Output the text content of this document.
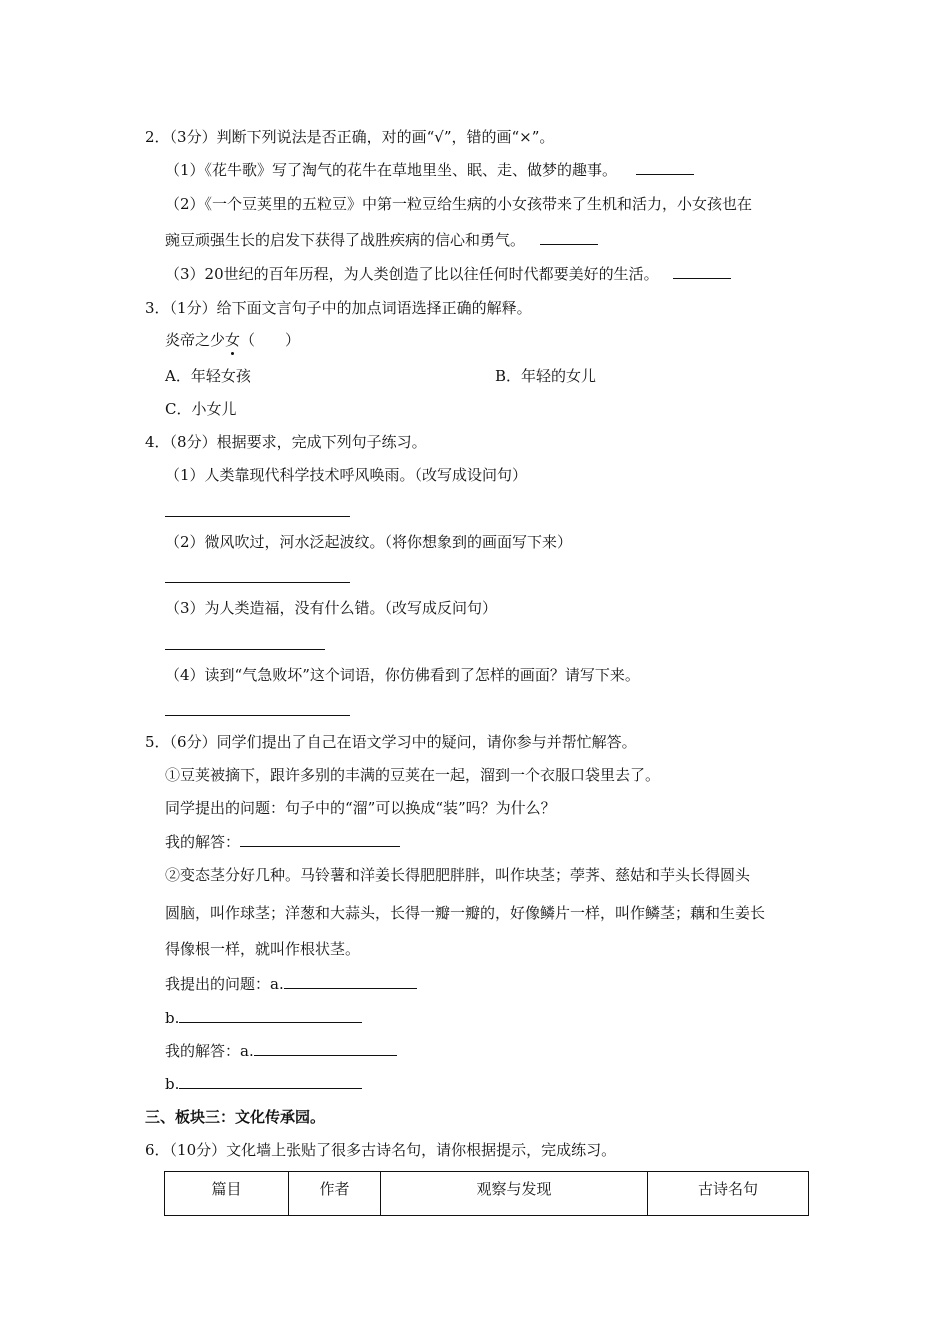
2．（3分）判断下列说法是否正确，对的画“√”，错的画“×”。
（1）《花牛歌》写了淘气的花牛在草地里坐、眠、走、做梦的趣事。
（2）《一个豆荚里的五粒豆》中第一粒豆给生病的小女孩带来了生机和活力，小女孩也在
豌豆顽强生长的启发下获得了战胜疾病的信心和勇气。
（3）20世纪的百年历程，为人类创造了比以往任何时代都要美好的生活。
3．（1分）给下面文言句子中的加点词语选择正确的解释。
炎帝之少女（　　）
A．年轻女孩	B．年轻的女儿
C．小女儿
4．（8分）根据要求，完成下列句子练习。
（1）人类靠现代科学技术呼风唤雨。（改写成设问句）
（2）微风吹过，河水泛起波纹。（将你想象到的画面写下来）
（3）为人类造福，没有什么错。（改写成反问句）
（4）读到“气急败坏”这个词语，你仿佛看到了怎样的画面？请写下来。
5．（6分）同学们提出了自己在语文学习中的疑问，请你参与并帮忙解答。
①豆荚被摘下，跟许多别的丰满的豆荚在一起，溜到一个衣服口袋里去了。
同学提出的问题：句子中的“溜”可以换成“装”吗？为什么？
我的解答：
②变态茎分好几种。马铃薯和洋姜长得肥肥胖胖，叫作块茎；荸荠、慈姑和芋头长得圆头
圆脑，叫作球茎；洋葱和大蒜头，长得一瓣一瓣的，好像鳞片一样，叫作鳞茎；藕和生姜长
得像根一样，就叫作根状茎。
我提出的问题：a.
b.
我的解答：a.
b.
三、板块三：文化传承园。
6．（10分）文化墙上张贴了很多古诗名句，请你根据提示，完成练习。
篇目	作者	观察与发现	古诗名句
